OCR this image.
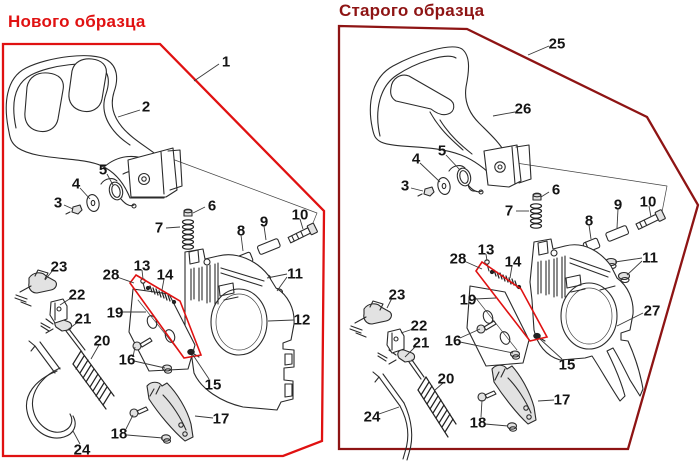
Нового образца
Старого образца
1
2
3
4
5
6
7	8
9 10
11
12
13
14
15
16
17
18
19
20
21
22
23
24
28
25
26
3
4 5
6
7
8
9 10
11
13
14
15
16
17
18
19
20
21
22
23
24
27
28
